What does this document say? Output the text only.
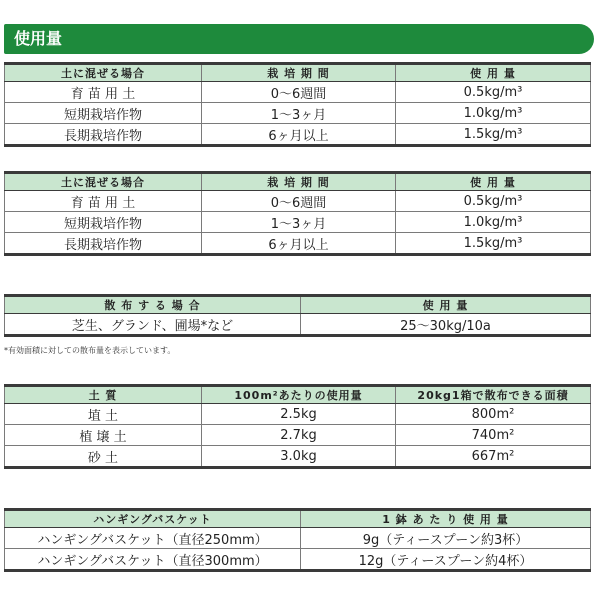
使用量
土に混ぜる場合	栽 培 期 間	使 用 量
育 苗 用 土	0～6週間	0.5kg/m³
短期栽培作物	1～3ヶ月	1.0kg/m³
長期栽培作物	6ヶ月以上	1.5kg/m³
土に混ぜる場合	栽 培 期 間	使 用 量
育 苗 用 土	0～6週間	0.5kg/m³
短期栽培作物	1～3ヶ月	1.0kg/m³
長期栽培作物	6ヶ月以上	1.5kg/m³
散 布 す る 場 合	使 用 量
芝生、グランド、圃場*など	25～30kg/10a
*有効面積に対しての散布量を表示しています。
土 質	100m²あたりの使用量	20kg1箱で散布できる面積
埴 土	2.5kg	800m²
植 壌 土	2.7kg	740m²
砂 土	3.0kg	667m²
ハンギングバスケット	1 鉢 あ た り 使 用 量
ハンギングバスケット（直径250mm）	9g（ティースプーン約3杯）
ハンギングバスケット（直径300mm）	12g（ティースプーン約4杯）
